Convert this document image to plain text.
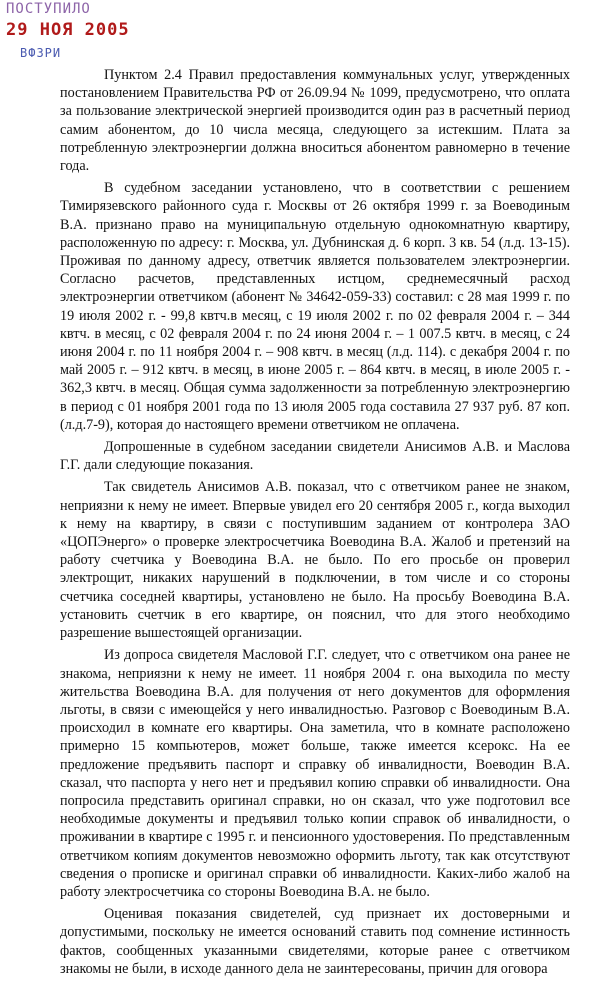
ПОСТУПИЛО
29 НОЯ 2005
ВФЗРИ

Пунктом 2.4 Правил предоставления коммунальных услуг, утвержденных постановлением Правительства РФ от 26.09.94 № 1099, предусмотрено, что оплата за пользование электрической энергией производится один раз в расчетный период самим абонентом, до 10 числа месяца, следующего за истекшим. Плата за потребленную электроэнергии должна вноситься абонентом равномерно в течение года.

В судебном заседании установлено, что в соответствии с решением Тимирязевского районного суда г. Москвы от 26 октября 1999 г. за Воеводиным В.А. признано право на муниципальную отдельную однокомнатную квартиру, расположенную по адресу: г. Москва, ул. Дубнинская д. 6 корп. 3 кв. 54 (л.д. 13-15). Проживая по данному адресу, ответчик является пользователем электроэнергии. Согласно расчетов, представленных истцом, среднемесячный расход электроэнергии ответчиком (абонент № 34642-059-33) составил: с 28 мая 1999 г. по 19 июля 2002 г. - 99,8 квтч.в месяц, с 19 июля 2002 г. по 02 февраля 2004 г. – 344 квтч. в месяц, с 02 февраля 2004 г. по 24 июня 2004 г. – 1 007.5 квтч. в месяц, с 24 июня 2004 г. по 11 ноября 2004 г. – 908 квтч. в месяц (л.д. 114). с декабря 2004 г. по май 2005 г. – 912 квтч. в месяц, в июне 2005 г. – 864 квтч. в месяц, в июле 2005 г. - 362,3 квтч. в месяц. Общая сумма задолженности за потребленную электроэнергию в период с 01 ноября 2001 года по 13 июля 2005 года составила 27 937 руб. 87 коп. (л.д.7-9), которая до настоящего времени ответчиком не оплачена.

Допрошенные в судебном заседании свидетели Анисимов А.В. и Маслова Г.Г. дали следующие показания.

Так свидетель Анисимов А.В. показал, что с ответчиком ранее не знаком, неприязни к нему не имеет. Впервые увидел его 20 сентября 2005 г., когда выходил к нему на квартиру, в связи с поступившим заданием от контролера ЗАО «ЦОПЭнерго» о проверке электросчетчика Воеводина В.А. Жалоб и претензий на работу счетчика у Воеводина В.А. не было. По его просьбе он проверил электрощит, никаких нарушений в подключении, в том числе и со стороны счетчика соседней квартиры, установлено не было. На просьбу Воеводина В.А. установить счетчик в его квартире, он пояснил, что для этого необходимо разрешение вышестоящей организации.

Из допроса свидетеля Масловой Г.Г. следует, что с ответчиком она ранее не знакома, неприязни к нему не имеет. 11 ноября 2004 г. она выходила по месту жительства Воеводина В.А. для получения от него документов для оформления льготы, в связи с имеющейся у него инвалидностью. Разговор с Воеводиным В.А. происходил в комнате его квартиры. Она заметила, что в комнате расположено примерно 15 компьютеров, может больше, также имеется ксерокс. На ее предложение предъявить паспорт и справку об инвалидности, Воеводин В.А. сказал, что паспорта у него нет и предъявил копию справки об инвалидности. Она попросила представить оригинал справки, но он сказал, что уже подготовил все необходимые документы и предъявил только копии справок об инвалидности, о проживании в квартире с 1995 г. и пенсионного удостоверения. По представленным ответчиком копиям документов невозможно оформить льготу, так как отсутствуют сведения о прописке и оригинал справки об инвалидности. Каких-либо жалоб на работу электросчетчика со стороны Воеводина В.А. не было.

Оценивая показания свидетелей, суд признает их достоверными и допустимыми, поскольку не имеется оснований ставить под сомнение истинность фактов, сообщенных указанными свидетелями, которые ранее с ответчиком знакомы не были, в исходе данного дела не заинтересованы, причин для оговора
